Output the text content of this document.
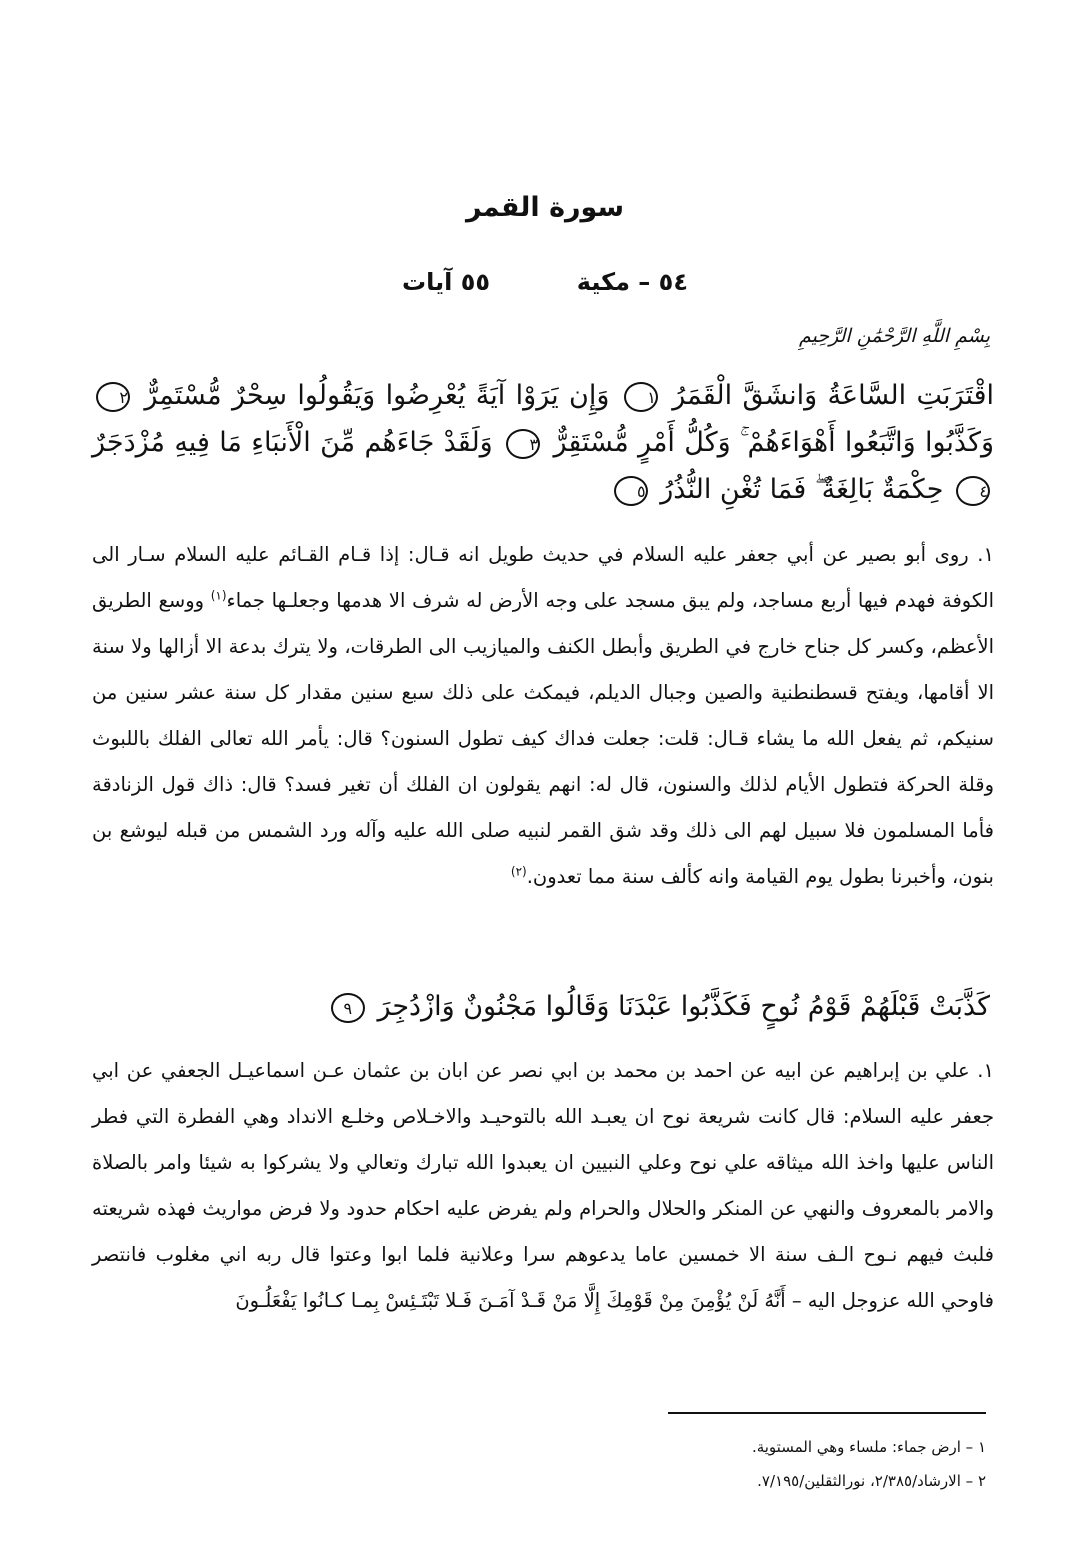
سورة القمر
٥٤ – مكية  ٥٥ آيات
بِسْمِ اللَّهِ الرَّحْمَٰنِ الرَّحِيمِ
اقْتَرَبَتِ السَّاعَةُ وَانشَقَّ الْقَمَرُ ١ وَإِن يَرَوْا آيَةً يُعْرِضُوا وَيَقُولُوا سِحْرٌ مُّسْتَمِرٌّ ٢ وَكَذَّبُوا وَاتَّبَعُوا أَهْوَاءَهُمْ ۚ وَكُلُّ أَمْرٍ مُّسْتَقِرٌّ ٣ وَلَقَدْ جَاءَهُم مِّنَ الْأَنبَاءِ مَا فِيهِ مُزْدَجَرٌ ٤ حِكْمَةٌ بَالِغَةٌ ۖ فَمَا تُغْنِ النُّذُرُ ٥
١. روى أبو بصير عن أبي جعفر عليه السلام في حديث طويل انه قـال: إذا قـام القـائم عليه السلام سـار الى الكوفة فهدم فيها أربع مساجد، ولم يبق مسجد على وجه الأرض له شرف الا هدمها وجعلـها جماء$^{(١)}$ ووسع الطريق الأعظم، وكسر كل جناح خارج في الطريق وأبطل الكنف والميازيب الى الطرقات، ولا يترك بدعة الا أزالها ولا سنة الا أقامها، ويفتح قسطنطنية والصين وجبال الديلم، فيمكث على ذلك سبع سنين مقدار كل سنة عشر سنين من سنيكم، ثم يفعل الله ما يشاء قـال: قلت: جعلت فداك كيف تطول السنون؟ قال: يأمر الله تعالى الفلك باللبوث وقلة الحركة فتطول الأيام لذلك والسنون، قال له: انهم يقولون ان الفلك أن تغير فسد؟ قال: ذاك قول الزنادقة فأما المسلمون فلا سبيل لهم الى ذلك وقد شق القمر لنبيه صلى الله عليه وآله ورد الشمس من قبله ليوشع بن بنون، وأخبرنا بطول يوم القيامة وانه كألف سنة مما تعدون.$^{(٢)}$
كَذَّبَتْ قَبْلَهُمْ قَوْمُ نُوحٍ فَكَذَّبُوا عَبْدَنَا وَقَالُوا مَجْنُونٌ وَازْدُجِرَ ٩
١. علي بن إبراهيم عن ابيه عن احمد بن محمد بن ابي نصر عن ابان بن عثمان عـن اسماعيـل الجعفي عن ابي جعفر عليه السلام: قال كانت شريعة نوح ان يعبـد الله بالتوحيـد والاخـلاص وخلـع الانداد وهي الفطرة التي فطر الناس عليها واخذ الله ميثاقه علي نوح وعلي النبيين ان يعبدوا الله تبارك وتعالي ولا يشركوا به شيئا وامر بالصلاة والامر بالمعروف والنهي عن المنكر والحلال والحرام ولم يفرض عليه احكام حدود ولا فرض مواريث فهذه شريعته فلبث فيهم نـوح الـف سنة الا خمسين عاما يدعوهم سرا وعلانية فلما ابوا وعتوا قال ربه اني مغلوب فانتصر فاوحي الله عزوجل اليه – أَنَّهُ لَنْ يُؤْمِنَ مِنْ قَوْمِكَ إِلَّا مَنْ قَـدْ آمَـنَ فَـلا تَبْتَـئِسْ بِمـا كـانُوا يَفْعَلُـونَ
١ – ارض جماء: ملساء وهي المستوية.
٢ – الارشاد/٢/٣٨٥، نورالثقلين/٧/١٩٥.
